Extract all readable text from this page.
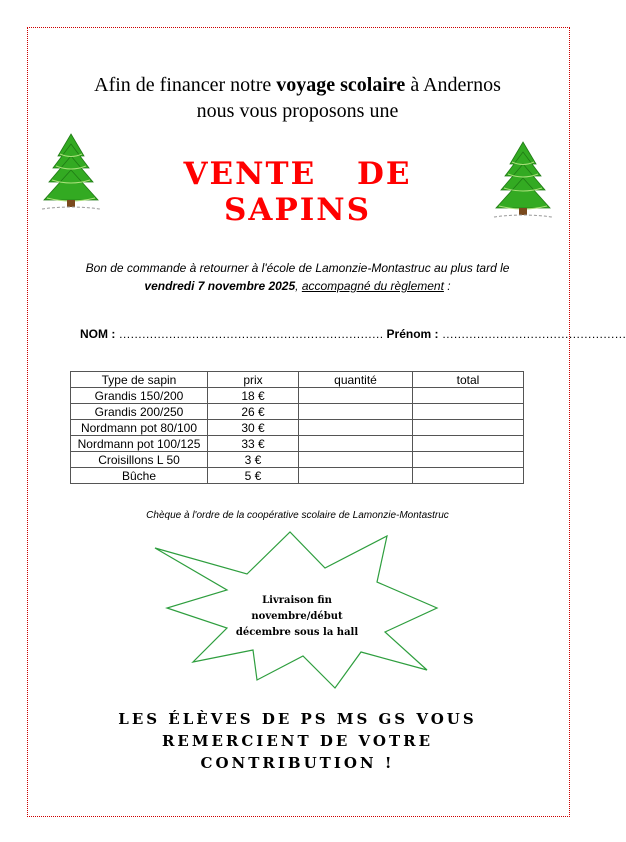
Afin de financer notre voyage scolaire à Andernos
nous vous proposons une
VENTE DE SAPINS
Bon de commande à retourner à l'école de Lamonzie-Montastruc au plus tard le
vendredi 7 novembre 2025, accompagné du règlement :
NOM : …………………………………………………………… Prénom : …………………………………………
Type de sapin	prix	quantité	total
Grandis 150/200	18 €		
Grandis 200/250	26 €		
Nordmann pot 80/100	30 €		
Nordmann pot 100/125	33 €		
Croisillons L 50	3 €		
Bûche	5 €		
Chèque à l'ordre de la coopérative scolaire de Lamonzie-Montastruc
Livraison fin novembre/début
décembre sous la hall
LES ÉLÈVES DE PS MS GS VOUS
REMERCIENT DE VOTRE
CONTRIBUTION !
